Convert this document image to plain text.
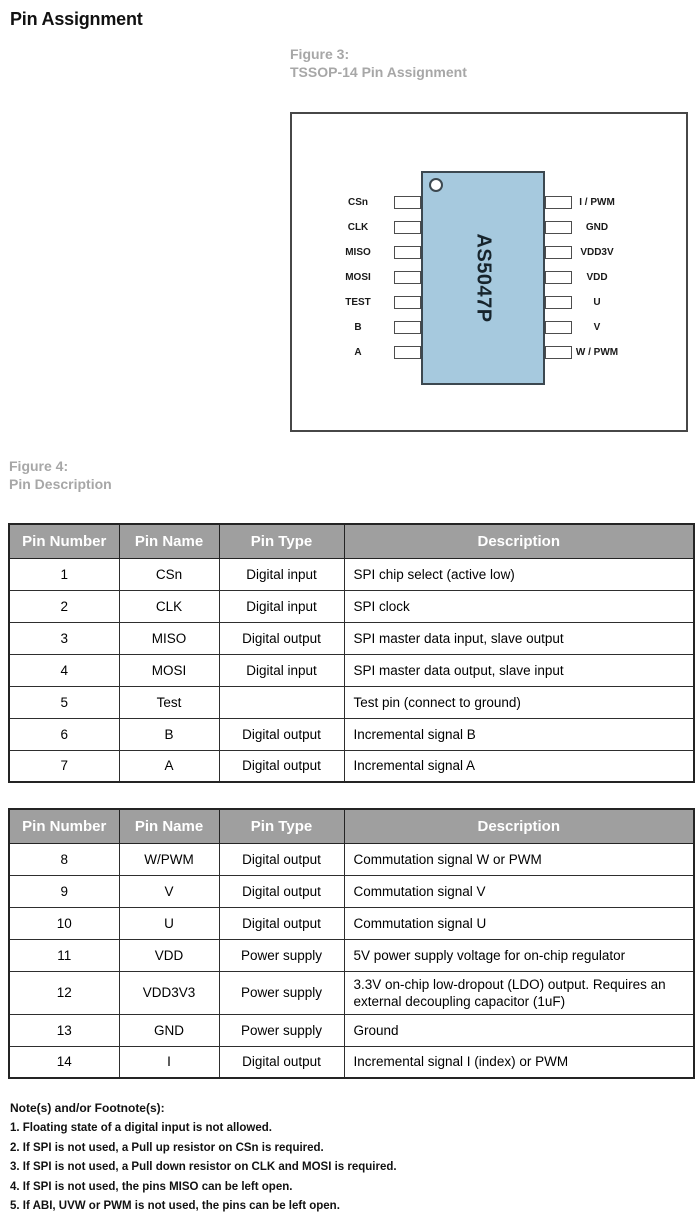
Pin Assignment
Figure 3:
TSSOP-14 Pin Assignment
AS5047P
CSn
CLK
MISO
MOSI
TEST
B
A
I / PWM
GND
VDD3V
VDD
U
V
W / PWM
Figure 4:
Pin Description
Pin Number	Pin Name	Pin Type	Description
1	CSn	Digital input	SPI chip select (active low)
2	CLK	Digital input	SPI clock
3	MISO	Digital output	SPI master data input, slave output
4	MOSI	Digital input	SPI master data output, slave input
5	Test		Test pin (connect to ground)
6	B	Digital output	Incremental signal B
7	A	Digital output	Incremental signal A
Pin Number	Pin Name	Pin Type	Description
8	W/PWM	Digital output	Commutation signal W or PWM
9	V	Digital output	Commutation signal V
10	U	Digital output	Commutation signal U
11	VDD	Power supply	5V power supply voltage for on-chip regulator
12	VDD3V3	Power supply	3.3V on-chip low-dropout (LDO) output. Requires an external decoupling capacitor (1uF)
13	GND	Power supply	Ground
14	I	Digital output	Incremental signal I (index) or PWM
Note(s) and/or Footnote(s):
1. Floating state of a digital input is not allowed.
2. If SPI is not used, a Pull up resistor on CSn is required.
3. If SPI is not used, a Pull down resistor on CLK and MOSI is required.
4. If SPI is not used, the pins MISO can be left open.
5. If ABI, UVW or PWM is not used, the pins can be left open.
